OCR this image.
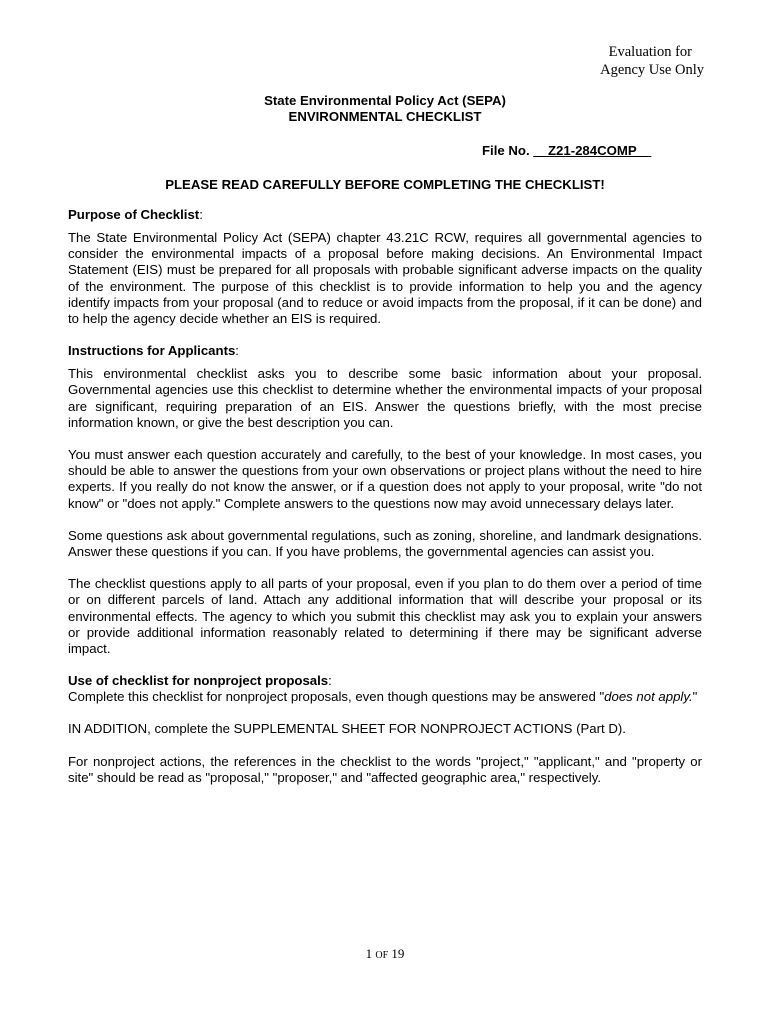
Evaluation for
Agency Use Only
State Environmental Policy Act (SEPA)
ENVIRONMENTAL CHECKLIST
File No. __Z21-284COMP__
PLEASE READ CAREFULLY BEFORE COMPLETING THE CHECKLIST!
Purpose of Checklist:

The State Environmental Policy Act (SEPA) chapter 43.21C RCW, requires all governmental agencies to consider the environmental impacts of a proposal before making decisions. An Environmental Impact Statement (EIS) must be prepared for all proposals with probable significant adverse impacts on the quality of the environment. The purpose of this checklist is to provide information to help you and the agency identify impacts from your proposal (and to reduce or avoid impacts from the proposal, if it can be done) and to help the agency decide whether an EIS is required.

Instructions for Applicants:

This environmental checklist asks you to describe some basic information about your proposal. Governmental agencies use this checklist to determine whether the environmental impacts of your proposal are significant, requiring preparation of an EIS. Answer the questions briefly, with the most precise information known, or give the best description you can.

You must answer each question accurately and carefully, to the best of your knowledge. In most cases, you should be able to answer the questions from your own observations or project plans without the need to hire experts. If you really do not know the answer, or if a question does not apply to your proposal, write "do not know" or "does not apply." Complete answers to the questions now may avoid unnecessary delays later.

Some questions ask about governmental regulations, such as zoning, shoreline, and landmark designations. Answer these questions if you can. If you have problems, the governmental agencies can assist you.

The checklist questions apply to all parts of your proposal, even if you plan to do them over a period of time or on different parcels of land. Attach any additional information that will describe your proposal or its environmental effects. The agency to which you submit this checklist may ask you to explain your answers or provide additional information reasonably related to determining if there may be significant adverse impact.

Use of checklist for nonproject proposals:

Complete this checklist for nonproject proposals, even though questions may be answered "does not apply."

IN ADDITION, complete the SUPPLEMENTAL SHEET FOR NONPROJECT ACTIONS (Part D).

For nonproject actions, the references in the checklist to the words "project," "applicant," and "property or site" should be read as "proposal," "proposer," and "affected geographic area," respectively.

1 OF 19
